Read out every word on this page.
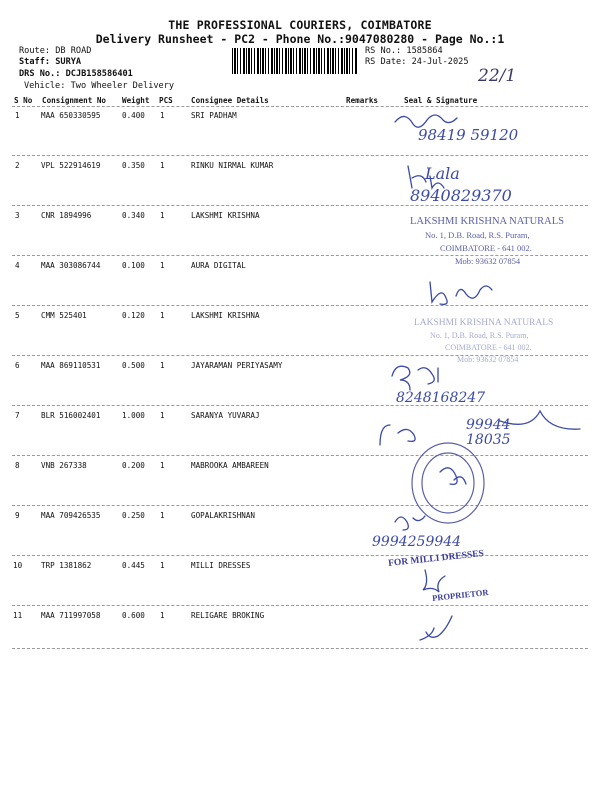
THE PROFESSIONAL COURIERS, COIMBATORE
Delivery Runsheet - PC2 - Phone No.:9047080280 - Page No.:1
Route: DB ROAD
Staff: SURYA
DRS No.: DCJB158586401
Vehicle: Two Wheeler Delivery
RS No.: 1585864
RS Date: 24-Jul-2025
22/1
S No Consignment No Weight PCS Consignee Details	Remarks	Seal & Signature
1	MAA 650330595	0.400 1	SRI PADHAM
2	VPL 522914619	0.350 1	RINKU NIRMAL KUMAR
3	CNR 1894996	0.340 1	LAKSHMI KRISHNA
4	MAA 303086744	0.100 1	AURA DIGITAL
5	CMM 525401	0.120 1	LAKSHMI KRISHNA
6	MAA 869110531	0.500 1	JAYARAMAN PERIYASAMY
7	BLR 516002401	1.000 1	SARANYA YUVARAJ
8	VNB 267338	0.200 1	MABROOKA AMBAREEN
9	MAA 709426535	0.250 1	GOPALAKRISHNAN
10 TRP 1381862	0.445 1	MILLI DRESSES
11 MAA 711997058	0.600 1	RELIGARE BROKING
98419 59120
Lala
8940829370
LAKSHMI KRISHNA NATURALS
No. 1, D.B. Road, R.S. Puram,
COIMBATORE - 641 002.
Mob: 93632 07854
LAKSHMI KRISHNA NATURALS
No. 1, D.B. Road, R.S. Puram,
COIMBATORE - 641 002.
Mob: 93632 07854
8248168247
99944 18035
9994259944
FOR MILLI DRESSES
PROPRIETOR
